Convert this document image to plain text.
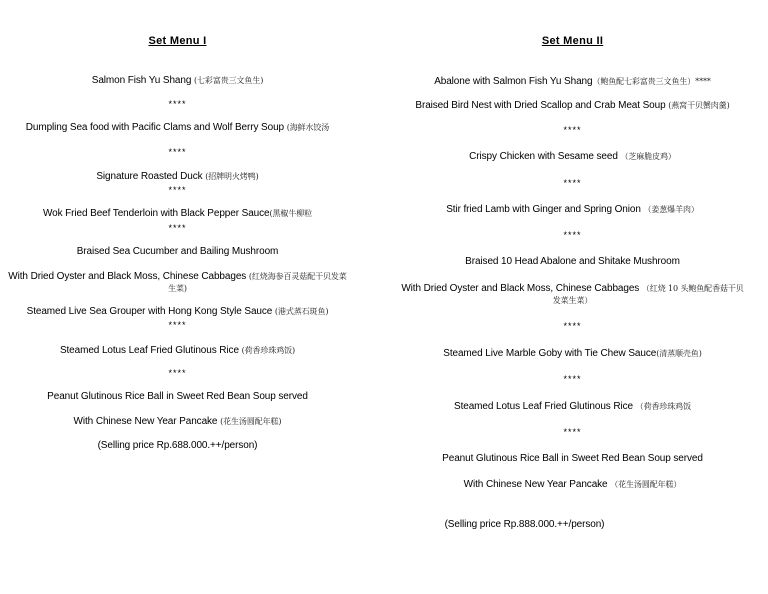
Set Menu I
Salmon Fish Yu Shang (七彩富贵三文鱼生)
****
Dumpling Sea food with Pacific Clams and Wolf Berry Soup (海鲜水饺汤
****
Signature Roasted Duck (招牌明火烤鸭)
****
Wok Fried Beef Tenderloin with Black Pepper Sauce(黑椒牛柳粒
****
Braised Sea Cucumber and Bailing Mushroom
With Dried Oyster and Black Moss, Chinese Cabbages (红烧海参百灵菇配干贝发菜生菜)
Steamed Live Sea Grouper with Hong Kong Style Sauce (港式蒸石斑鱼)
****
Steamed Lotus Leaf Fried Glutinous Rice (荷香珍珠鸡饭)
****
Peanut Glutinous Rice Ball in Sweet Red Bean Soup served
With Chinese New Year Pancake (花生汤圆配年糕)
(Selling price Rp.688.000.++/person)
Set Menu II
Abalone with Salmon Fish Yu Shang（鲍鱼配七彩富贵三文鱼生）****
Braised Bird Nest with Dried Scallop and Crab Meat Soup (燕窝干贝蟹肉羹)
****
Crispy Chicken with Sesame seed （芝麻脆皮鸡）
****
Stir fried Lamb with Ginger and Spring Onion （姜葱爆羊肉）
****
Braised 10 Head Abalone and Shitake Mushroom
With Dried Oyster and Black Moss, Chinese Cabbages （红烧 10 头鲍鱼配香菇干贝发菜生菜）
****
Steamed Live Marble Goby with Tie Chew Sauce(清蒸顺壳鱼)
****
Steamed Lotus Leaf Fried Glutinous Rice （荷香珍珠鸡饭
****
Peanut Glutinous Rice Ball in Sweet Red Bean Soup served
With Chinese New Year Pancake （花生汤圆配年糕）
(Selling price Rp.888.000.++/person)
